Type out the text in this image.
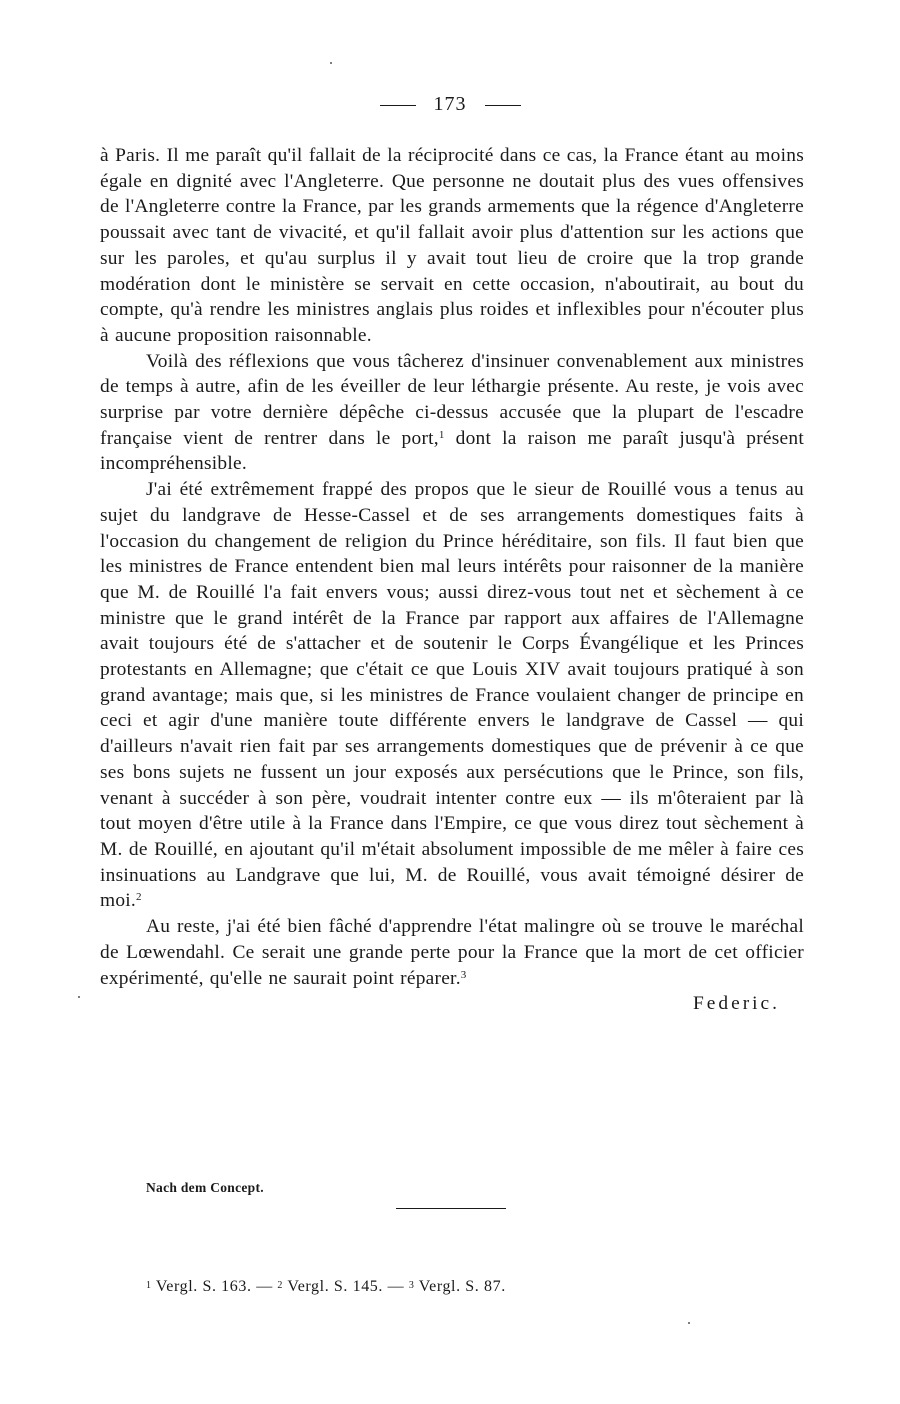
173

à Paris. Il me paraît qu'il fallait de la réciprocité dans ce cas, la France étant au moins égale en dignité avec l'Angleterre. Que personne ne doutait plus des vues offensives de l'Angleterre contre la France, par les grands armements que la régence d'Angleterre poussait avec tant de vivacité, et qu'il fallait avoir plus d'attention sur les actions que sur les paroles, et qu'au surplus il y avait tout lieu de croire que la trop grande modération dont le ministère se servait en cette occasion, n'aboutirait, au bout du compte, qu'à rendre les ministres anglais plus roides et inflexibles pour n'écouter plus à aucune proposition raisonnable.

Voilà des réflexions que vous tâcherez d'insinuer convenablement aux ministres de temps à autre, afin de les éveiller de leur léthargie présente. Au reste, je vois avec surprise par votre dernière dépêche ci-dessus accusée que la plupart de l'escadre française vient de rentrer dans le port,$^1$ dont la raison me paraît jusqu'à présent incompréhensible.

J'ai été extrêmement frappé des propos que le sieur de Rouillé vous a tenus au sujet du landgrave de Hesse-Cassel et de ses arrangements domestiques faits à l'occasion du changement de religion du Prince héréditaire, son fils. Il faut bien que les ministres de France entendent bien mal leurs intérêts pour raisonner de la manière que M. de Rouillé l'a fait envers vous; aussi direz-vous tout net et sèchement à ce ministre que le grand intérêt de la France par rapport aux affaires de l'Allemagne avait toujours été de s'attacher et de soutenir le Corps Évangélique et les Princes protestants en Allemagne; que c'était ce que Louis XIV avait toujours pratiqué à son grand avantage; mais que, si les ministres de France voulaient changer de principe en ceci et agir d'une manière toute différente envers le landgrave de Cassel — qui d'ailleurs n'avait rien fait par ses arrangements domestiques que de prévenir à ce que ses bons sujets ne fussent un jour exposés aux persécutions que le Prince, son fils, venant à succéder à son père, voudrait intenter contre eux — ils m'ôteraient par là tout moyen d'être utile à la France dans l'Empire, ce que vous direz tout sèchement à M. de Rouillé, en ajoutant qu'il m'était absolument impossible de me mêler à faire ces insinuations au Landgrave que lui, M. de Rouillé, vous avait témoigné désirer de moi.$^2$

Au reste, j'ai été bien fâché d'apprendre l'état malingre où se trouve le maréchal de Lœwendahl. Ce serait une grande perte pour la France que la mort de cet officier expérimenté, qu'elle ne saurait point réparer.$^3$

Federic.
Nach dem Concept.
1 Vergl. S. 163. — 2 Vergl. S. 145. — 3 Vergl. S. 87.
